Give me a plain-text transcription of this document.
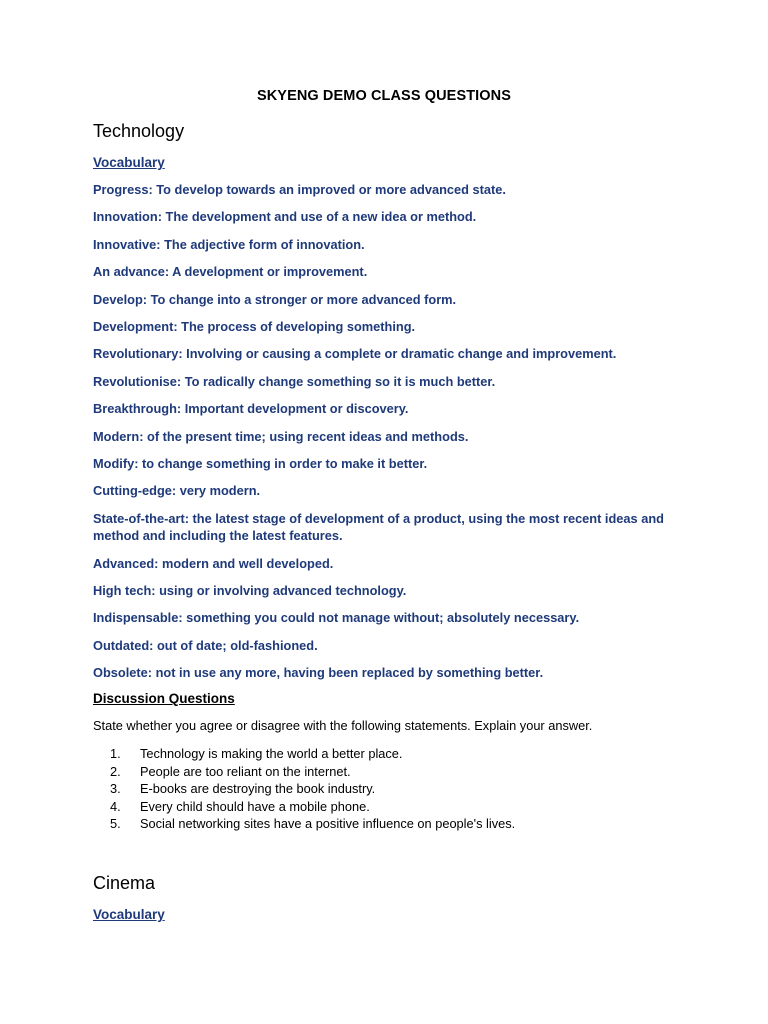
SKYENG DEMO CLASS QUESTIONS
Technology
Vocabulary
Progress: To develop towards an improved or more advanced state.
Innovation: The development and use of a new idea or method.
Innovative: The adjective form of innovation.
An advance: A development or improvement.
Develop: To change into a stronger or more advanced form.
Development: The process of developing something.
Revolutionary: Involving or causing a complete or dramatic change and improvement.
Revolutionise: To radically change something so it is much better.
Breakthrough: Important development or discovery.
Modern: of the present time; using recent ideas and methods.
Modify: to change something in order to make it better.
Cutting-edge: very modern.
State-of-the-art: the latest stage of development of a product, using the most recent ideas and method and including the latest features.
Advanced: modern and well developed.
High tech: using or involving advanced technology.
Indispensable: something you could not manage without; absolutely necessary.
Outdated: out of date; old-fashioned.
Obsolete: not in use any more, having been replaced by something better.
Discussion Questions
State whether you agree or disagree with the following statements. Explain your answer.
1.	Technology is making the world a better place.
2.	People are too reliant on the internet.
3.	E-books are destroying the book industry.
4.	Every child should have a mobile phone.
5.	Social networking sites have a positive influence on people's lives.
Cinema
Vocabulary
